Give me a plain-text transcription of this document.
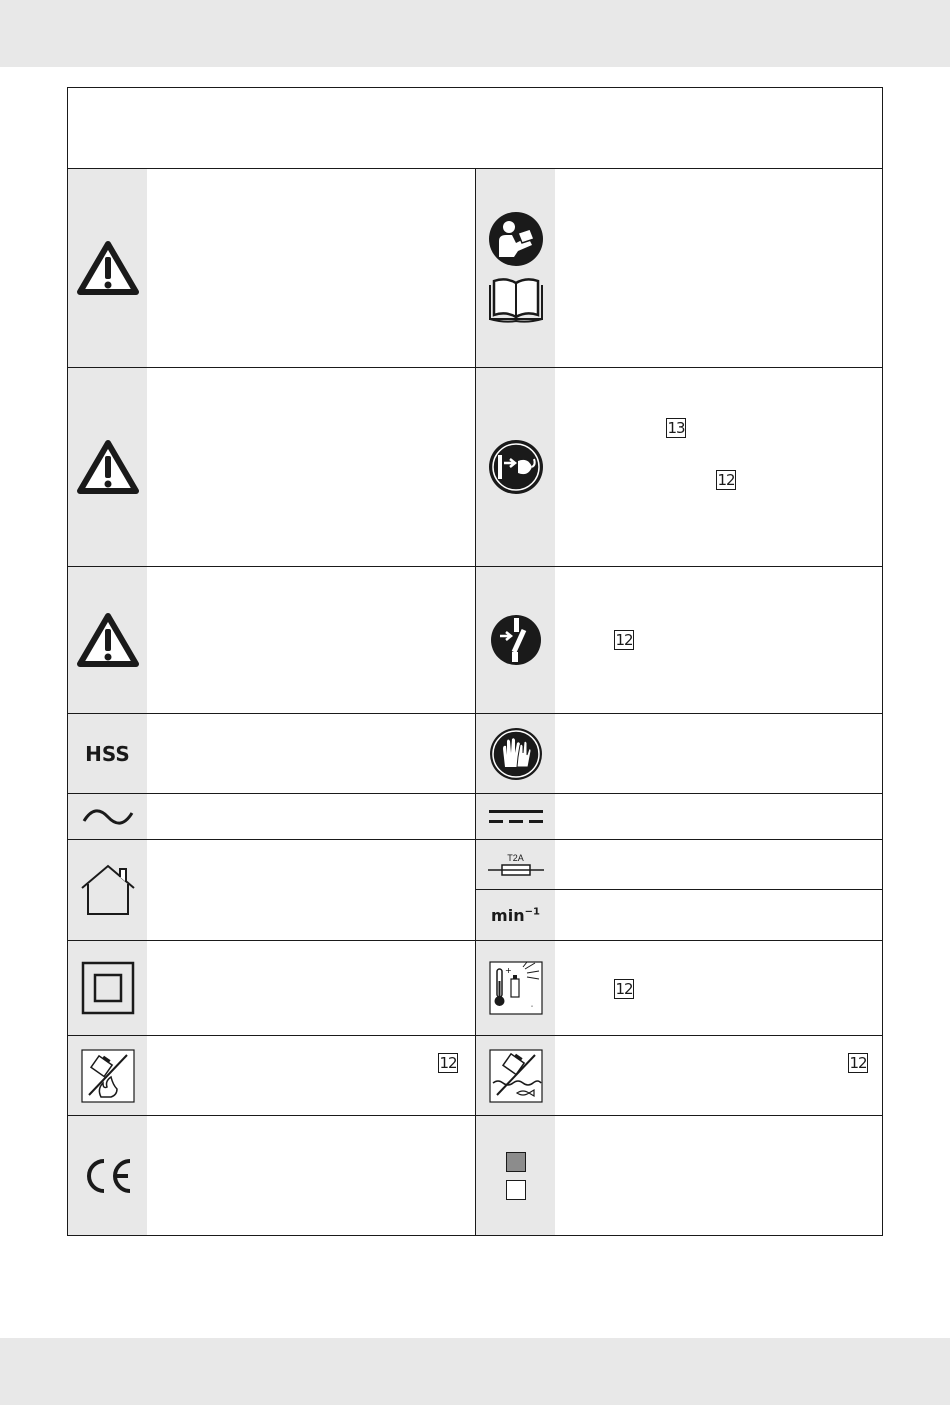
13
12
12
HSS
T2A
$\min^{-1}$
+
°
12
12	12
